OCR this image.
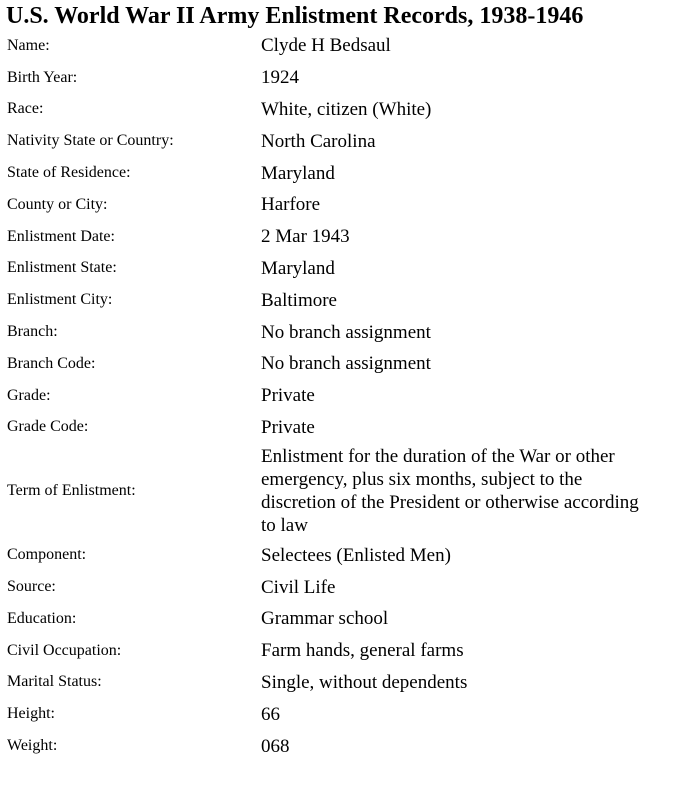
U.S. World War II Army Enlistment Records, 1938-1946
Name:	Clyde H Bedsaul
Birth Year:	1924
Race:	White, citizen (White)
Nativity State or Country:	North Carolina
State of Residence:	Maryland
County or City:	Harfore
Enlistment Date:	2 Mar 1943
Enlistment State:	Maryland
Enlistment City:	Baltimore
Branch:	No branch assignment
Branch Code:	No branch assignment
Grade:	Private
Grade Code:	Private
Term of Enlistment:	Enlistment for the duration of the War or other emergency, plus six months, subject to the discretion of the President or otherwise according to law
Component:	Selectees (Enlisted Men)
Source:	Civil Life
Education:	Grammar school
Civil Occupation:	Farm hands, general farms
Marital Status:	Single, without dependents
Height:	66
Weight:	068
